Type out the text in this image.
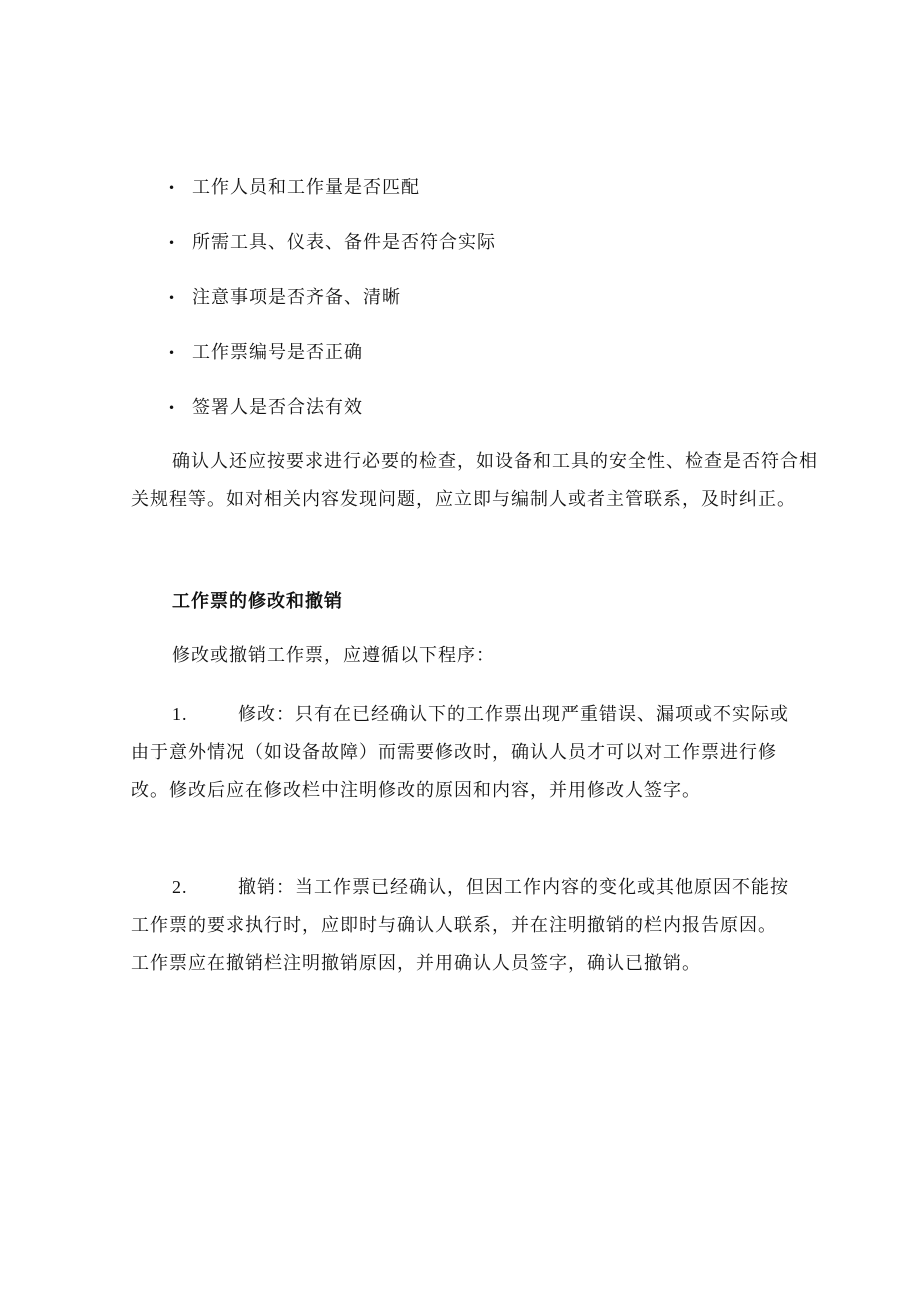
• 工作人员和工作量是否匹配
• 所需工具、仪表、备件是否符合实际
• 注意事项是否齐备、清晰
• 工作票编号是否正确
• 签署人是否合法有效

确认人还应按要求进行必要的检查，如设备和工具的安全性、检查是否符合相关规程等。如对相关内容发现问题，应立即与编制人或者主管联系，及时纠正。

工作票的修改和撤销

修改或撤销工作票，应遵循以下程序：

1.	修改：只有在已经确认下的工作票出现严重错误、漏项或不实际或由于意外情况（如设备故障）而需要修改时，确认人员才可以对工作票进行修改。修改后应在修改栏中注明修改的原因和内容，并用修改人签字。

2.	撤销：当工作票已经确认，但因工作内容的变化或其他原因不能按工作票的要求执行时，应即时与确认人联系，并在注明撤销的栏内报告原因。工作票应在撤销栏注明撤销原因，并用确认人员签字，确认已撤销。
